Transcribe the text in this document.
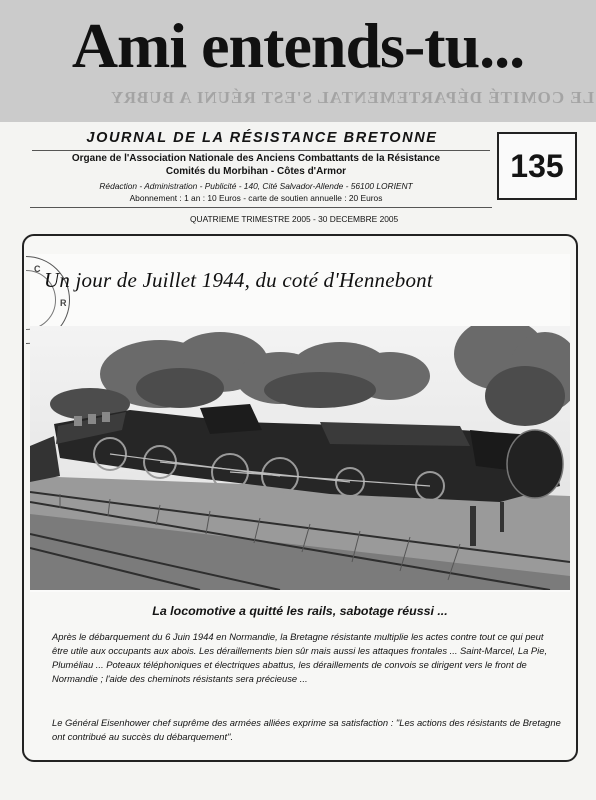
LE COMITÉ DÉPARTEMENTAL S'EST RÉUNI A BUBRY
Ami entends-tu...
JOURNAL DE LA RÉSISTANCE BRETONNE
Organe de l'Association Nationale des Anciens Combattants de la Résistance
Comités du Morbihan - Côtes d'Armor
Rédaction - Administration - Publicité - 140, Cité Salvador-Allende - 56100 LORIENT
Abonnement : 1 an : 10 Euros - carte de soutien annuelle : 20 Euros
135
QUATRIEME TRIMESTRE 2005 - 30 DECEMBRE 2005
C
R
Un jour de Juillet 1944, du coté d'Hennebont
La locomotive a quitté les rails, sabotage réussi ...

Après le débarquement du 6 Juin 1944 en Normandie, la Bretagne résistante multiplie les actes contre tout ce qui peut être utile aux occupants aux abois. Les déraillements bien sûr mais aussi les attaques frontales ... Saint-Marcel, La Pie, Pluméliau ... Poteaux téléphoniques et électriques abattus, les déraillements de convois se dirigent vers le front de Normandie ; l'aide des cheminots résistants sera précieuse ...

Le Général Eisenhower chef suprême des armées alliées exprime sa satisfaction : "Les actions des résistants de Bretagne ont contribué au succès du débarquement".
